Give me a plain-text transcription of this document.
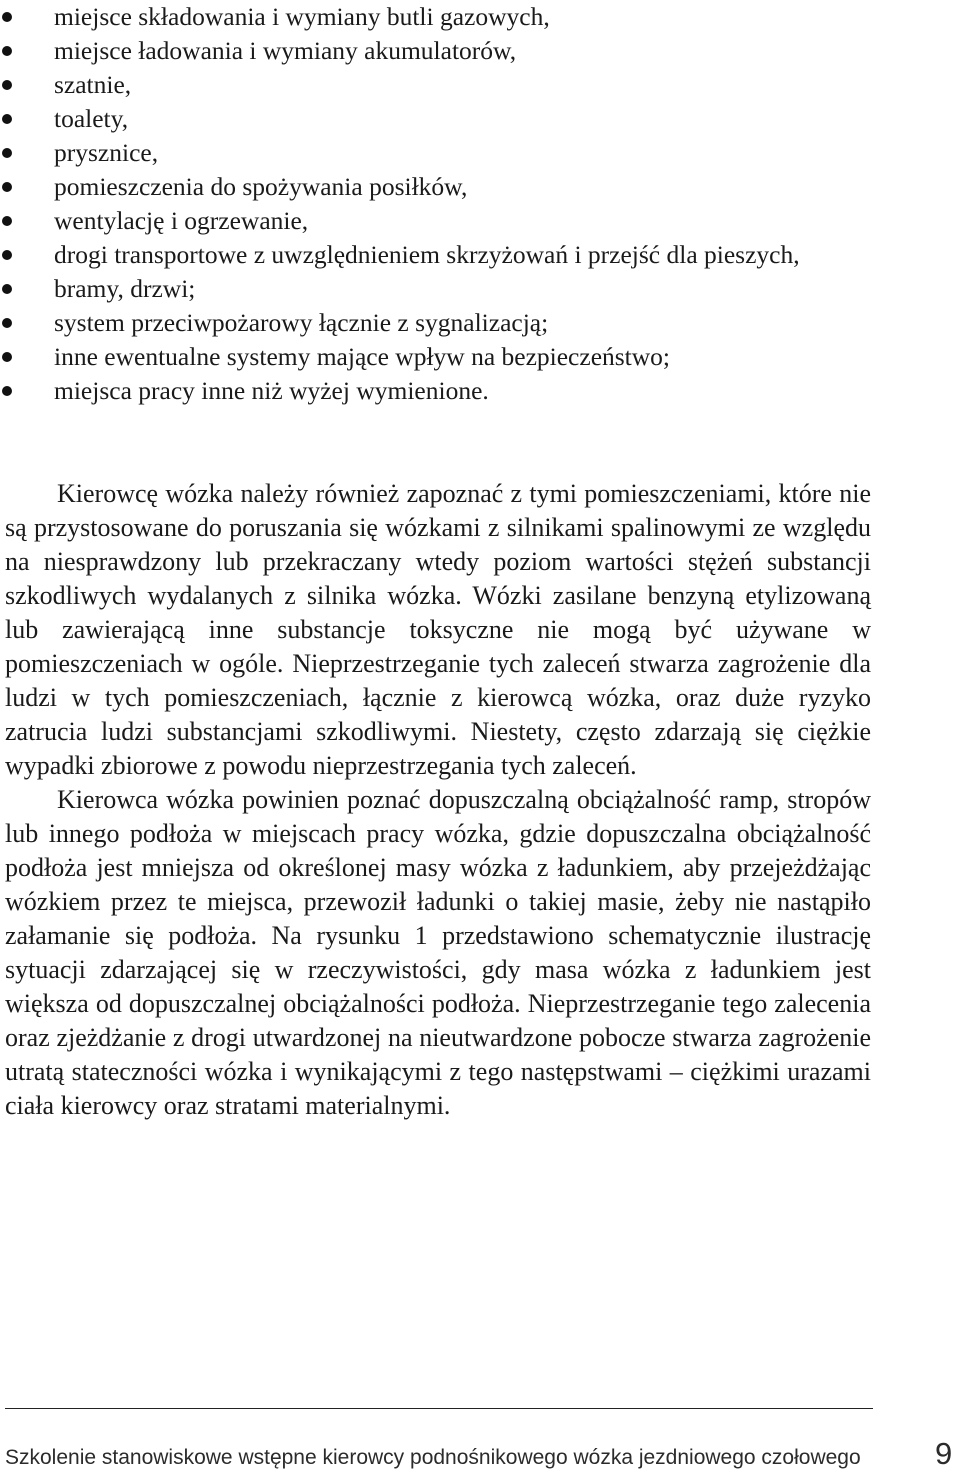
miejsce składowania i wymiany butli gazowych,
miejsce ładowania i wymiany akumulatorów,
szatnie,
toalety,
prysznice,
pomieszczenia do spożywania posiłków,
wentylację i ogrzewanie,
drogi transportowe z uwzględnieniem skrzyżowań i przejść dla pieszych,
bramy, drzwi;
system przeciwpożarowy łącznie z sygnalizacją;
inne ewentualne systemy mające wpływ na bezpieczeństwo;
miejsca pracy inne niż wyżej wymienione.

Kierowcę wózka należy również zapoznać z tymi pomieszczeniami, które nie są przystosowane do poruszania się wózkami z silnikami spalinowymi ze względu na niesprawdzony lub przekraczany wtedy poziom wartości stężeń substancji szkodliwych wydalanych z silnika wózka. Wózki zasilane benzyną etylizowaną lub zawierającą inne substancje toksyczne nie mogą być używane w pomieszczeniach w ogóle. Nieprzestrzeganie tych zaleceń stwarza zagrożenie dla ludzi w tych pomieszczeniach, łącznie z kierowcą wózka, oraz duże ryzyko zatrucia ludzi substancjami szkodliwymi. Niestety, często zdarzają się ciężkie wypadki zbiorowe z powodu nieprzestrzegania tych zaleceń.

Kierowca wózka powinien poznać dopuszczalną obciążalność ramp, stropów lub innego podłoża w miejscach pracy wózka, gdzie dopuszczalna obciążalność podłoża jest mniejsza od określonej masy wózka z ładunkiem, aby przejeżdżając wózkiem przez te miejsca, przewoził ładunki o takiej masie, żeby nie nastąpiło załamanie się podłoża. Na rysunku 1 przedstawiono schematycznie ilustrację sytuacji zdarzającej się w rzeczywistości, gdy masa wózka z ładunkiem jest większa od dopuszczalnej obciążalności podłoża. Nieprzestrzeganie tego zalecenia oraz zjeżdżanie z drogi utwardzonej na nieutwardzone pobocze stwarza zagrożenie utratą stateczności wózka i wynikającymi z tego następstwami – ciężkimi urazami ciała kierowcy oraz stratami materialnymi.

Szkolenie stanowiskowe wstępne kierowcy podnośnikowego wózka jezdniowego czołowego 9
